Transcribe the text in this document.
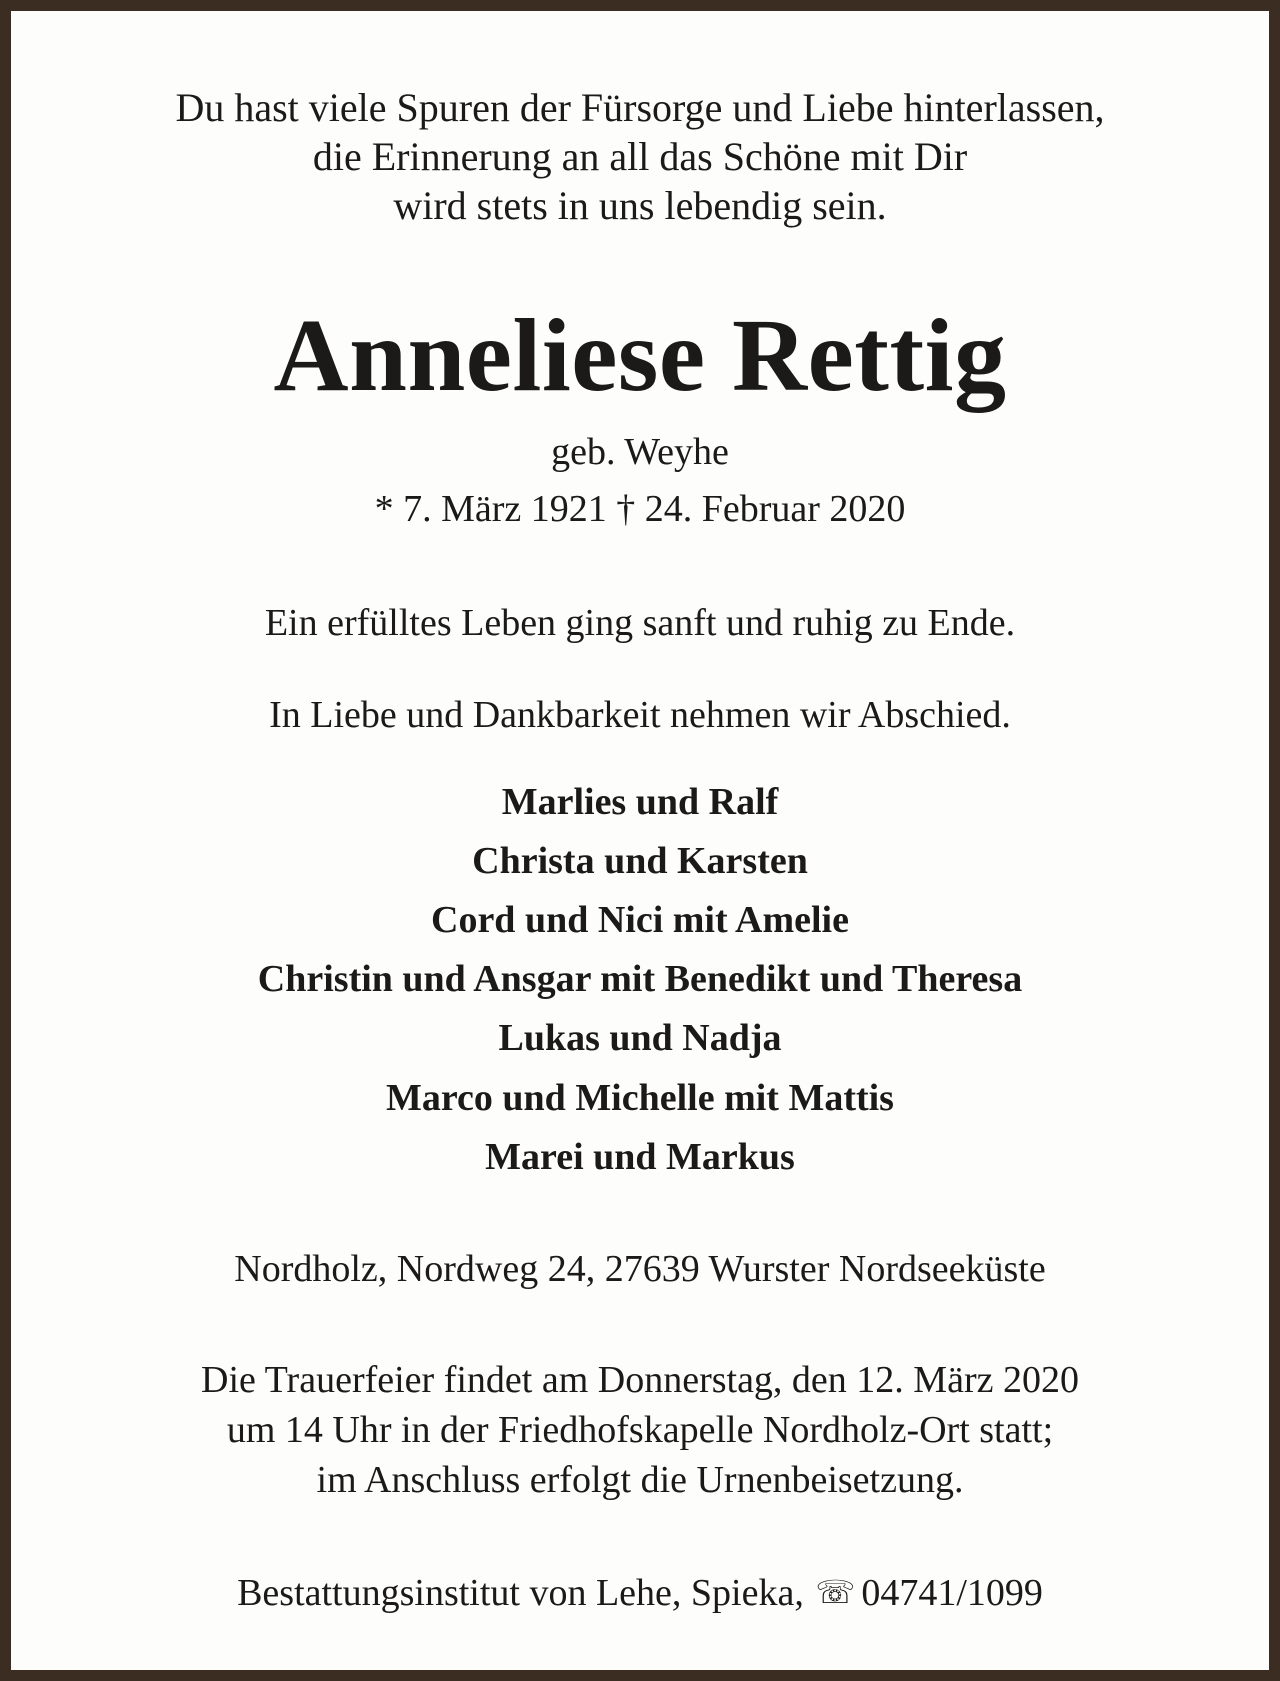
Du hast viele Spuren der Fürsorge und Liebe hinterlassen,
die Erinnerung an all das Schöne mit Dir
wird stets in uns lebendig sein.
Anneliese Rettig
geb. Weyhe
* 7. März 1921 † 24. Februar 2020
Ein erfülltes Leben ging sanft und ruhig zu Ende.
In Liebe und Dankbarkeit nehmen wir Abschied.
Marlies und Ralf
Christa und Karsten
Cord und Nici mit Amelie
Christin und Ansgar mit Benedikt und Theresa
Lukas und Nadja
Marco und Michelle mit Mattis
Marei und Markus
Nordholz, Nordweg 24, 27639 Wurster Nordseeküste
Die Trauerfeier findet am Donnerstag, den 12. März 2020
um 14 Uhr in der Friedhofskapelle Nordholz-Ort statt;
im Anschluss erfolgt die Urnenbeisetzung.
Bestattungsinstitut von Lehe, Spieka, ☏ 04741/1099
